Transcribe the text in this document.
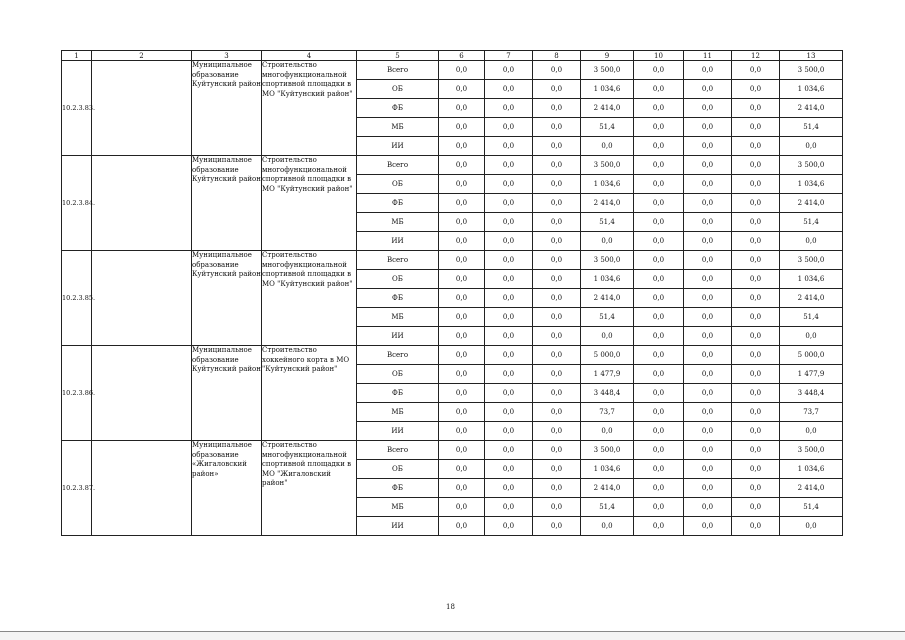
1	2	3	4	5	6	7	8	9	10	11	12	13
10.2.3.83.		Муниципальное образование Куйтунский район	Строительство многофункциональной спортивной площадки в МО "Куйтунский район"	Всего	0,0	0,0	0,0	3 500,0	0,0	0,0	0,0	3 500,0
				ОБ	0,0	0,0	0,0	1 034,6	0,0	0,0	0,0	1 034,6
				ФБ	0,0	0,0	0,0	2 414,0	0,0	0,0	0,0	2 414,0
				МБ	0,0	0,0	0,0	51,4	0,0	0,0	0,0	51,4
				ИИ	0,0	0,0	0,0	0,0	0,0	0,0	0,0	0,0
10.2.3.84.		Муниципальное образование Куйтунский район	Строительство многофункциональной спортивной площадки в МО "Куйтунский район"	Всего	0,0	0,0	0,0	3 500,0	0,0	0,0	0,0	3 500,0
				ОБ	0,0	0,0	0,0	1 034,6	0,0	0,0	0,0	1 034,6
				ФБ	0,0	0,0	0,0	2 414,0	0,0	0,0	0,0	2 414,0
				МБ	0,0	0,0	0,0	51,4	0,0	0,0	0,0	51,4
				ИИ	0,0	0,0	0,0	0,0	0,0	0,0	0,0	0,0
10.2.3.85.		Муниципальное образование Куйтунский район	Строительство многофункциональной спортивной площадки в МО "Куйтунский район"	Всего	0,0	0,0	0,0	3 500,0	0,0	0,0	0,0	3 500,0
				ОБ	0,0	0,0	0,0	1 034,6	0,0	0,0	0,0	1 034,6
				ФБ	0,0	0,0	0,0	2 414,0	0,0	0,0	0,0	2 414,0
				МБ	0,0	0,0	0,0	51,4	0,0	0,0	0,0	51,4
				ИИ	0,0	0,0	0,0	0,0	0,0	0,0	0,0	0,0
10.2.3.86.		Муниципальное образование Куйтунский район	Строительство хоккейного корта в МО "Куйтунский район"	Всего	0,0	0,0	0,0	5 000,0	0,0	0,0	0,0	5 000,0
				ОБ	0,0	0,0	0,0	1 477,9	0,0	0,0	0,0	1 477,9
				ФБ	0,0	0,0	0,0	3 448,4	0,0	0,0	0,0	3 448,4
				МБ	0,0	0,0	0,0	73,7	0,0	0,0	0,0	73,7
				ИИ	0,0	0,0	0,0	0,0	0,0	0,0	0,0	0,0
10.2.3.87.		Муниципальное образование «Жигаловский район»	Строительство многофункциональной спортивной площадки в МО "Жигаловский район"	Всего	0,0	0,0	0,0	3 500,0	0,0	0,0	0,0	3 500,0
				ОБ	0,0	0,0	0,0	1 034,6	0,0	0,0	0,0	1 034,6
				ФБ	0,0	0,0	0,0	2 414,0	0,0	0,0	0,0	2 414,0
				МБ	0,0	0,0	0,0	51,4	0,0	0,0	0,0	51,4
				ИИ	0,0	0,0	0,0	0,0	0,0	0,0	0,0	0,0
18
